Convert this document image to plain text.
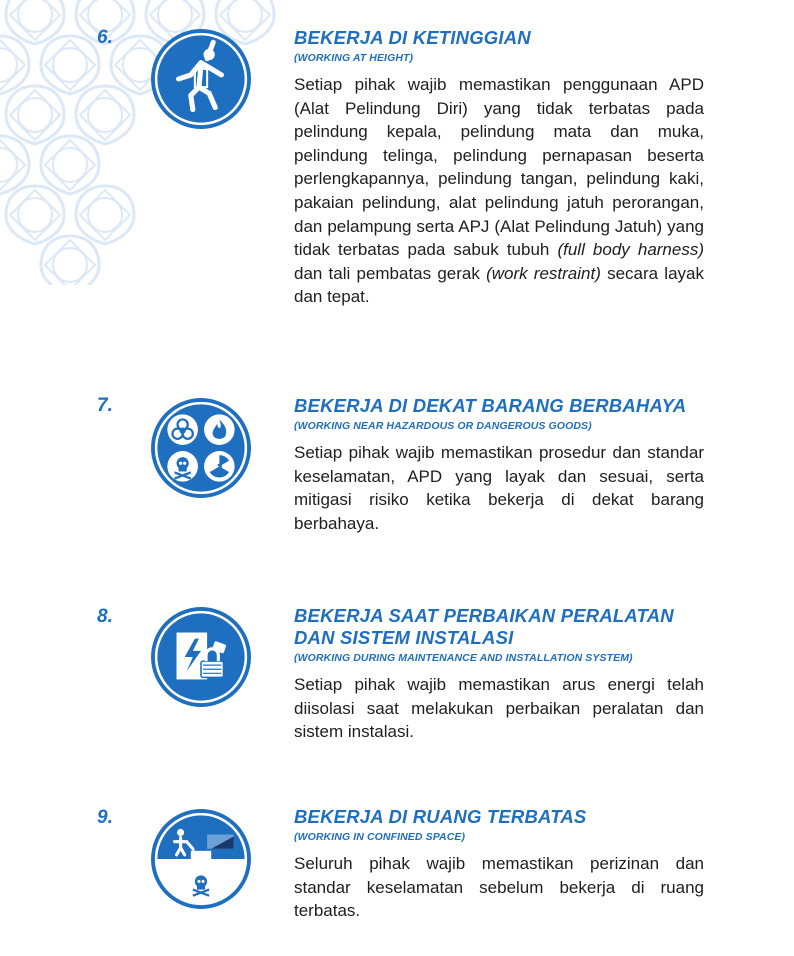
6.	BEKERJA DI KETINGGIAN

(WORKING AT HEIGHT)

Setiap pihak wajib memastikan penggunaan APD (Alat Pelindung Diri) yang tidak terbatas pada pelindung kepala, pelindung mata dan muka, pelindung telinga, pelindung pernapasan beserta perlengkapannya, pelindung tangan, pelindung kaki, pakaian pelindung, alat pelindung jatuh perorangan, dan pelampung serta APJ (Alat Pelindung Jatuh) yang tidak terbatas pada sabuk tubuh (full body harness) dan tali pembatas gerak (work restraint) secara layak dan tepat.

7.	BEKERJA DI DEKAT BARANG BERBAHAYA

(WORKING NEAR HAZARDOUS OR DANGEROUS GOODS)

Setiap pihak wajib memastikan prosedur dan standar keselamatan, APD yang layak dan sesuai, serta mitigasi risiko ketika bekerja di dekat barang berbahaya.

8.	BEKERJA SAAT PERBAIKAN PERALATAN DAN SISTEM INSTALASI

(WORKING DURING MAINTENANCE AND INSTALLATION SYSTEM)

Setiap pihak wajib memastikan arus energi telah diisolasi saat melakukan perbaikan peralatan dan sistem instalasi.

9.	BEKERJA DI RUANG TERBATAS

(WORKING IN CONFINED SPACE)

Seluruh pihak wajib memastikan perizinan dan standar keselamatan sebelum bekerja di ruang terbatas.
